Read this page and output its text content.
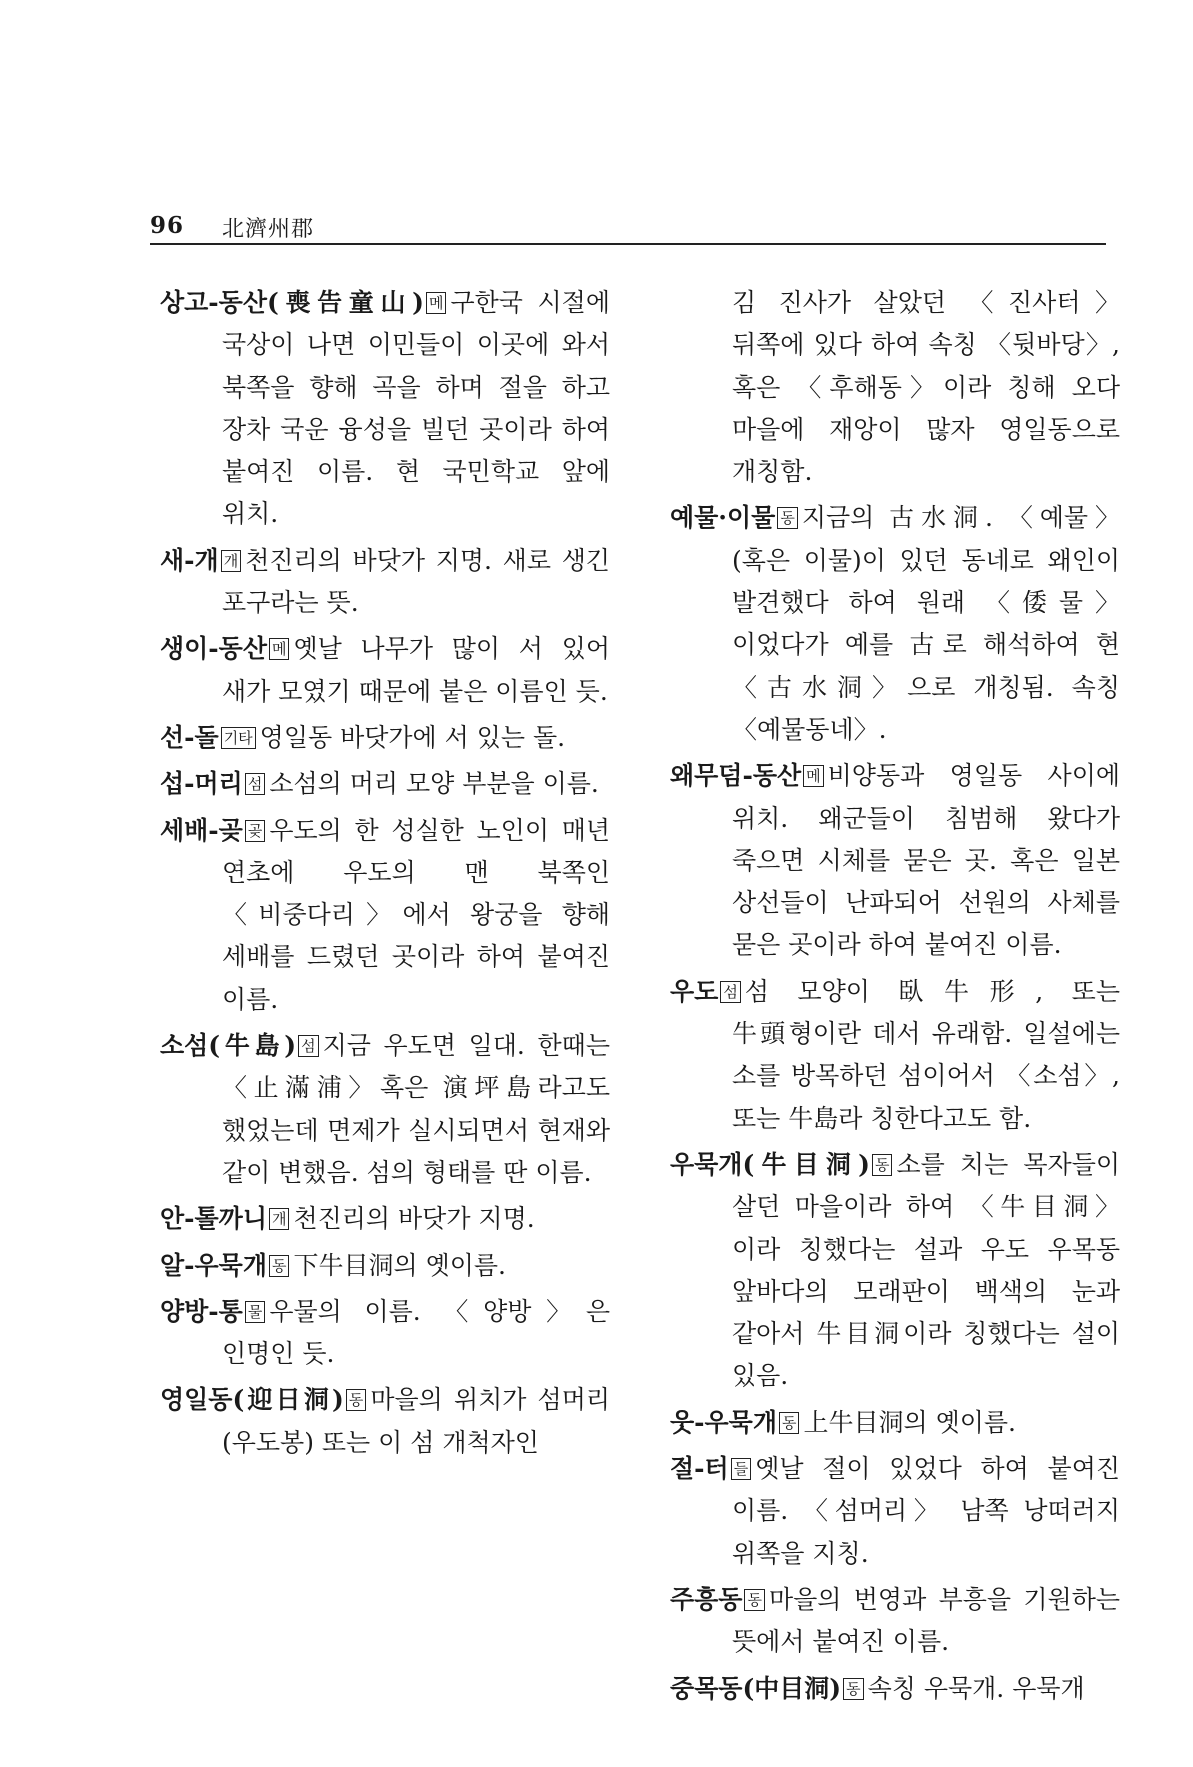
96 北濟州郡

상고-동산(喪告童山) 메 구한국 시절에 국상이 나면 이민들이 이곳에 와서 북쪽을 향해 곡을 하며 절을 하고 장차 국운 융성을 빌던 곳이라 하여 붙여진 이름. 현 국민학교 앞에 위치.

새-개 개 천진리의 바닷가 지명. 새로 생긴 포구라는 뜻.

생이-동산 메 옛날 나무가 많이 서 있어 새가 모였기 때문에 붙은 이름인 듯.

선-돌 기타 영일동 바닷가에 서 있는 돌.

섭-머리 섬 소섬의 머리 모양 부분을 이름.

세배-곶 곶 우도의 한 성실한 노인이 매년 연초에 우도의 맨 북쪽인 〈비중다리〉에서 왕궁을 향해 세배를 드렸던 곳이라 하여 붙여진 이름.

소섬(牛島) 섬 지금 우도면 일대. 한때는 〈止滿浦〉혹은 演坪島라고도 했었는데 면제가 실시되면서 현재와 같이 변했음. 섬의 형태를 딴 이름.

안-톨까니 개 천진리의 바닷가 지명.

알-우묵개 동 下牛目洞의 옛이름.

양방-통 물 우물의 이름. 〈양방〉은 인명인 듯.

영일동(迎日洞) 동 마을의 위치가 섬머리(우도봉) 또는 이 섬 개척자인

김 진사가 살았던 〈진사터〉 뒤쪽에 있다 하여 속칭 〈뒷바당〉, 혹은 〈후해동〉이라 칭해 오다 마을에 재앙이 많자 영일동으로 개칭함.

예물·이물 동 지금의 古水洞. 〈예물〉(혹은 이물)이 있던 동네로 왜인이 발견했다 하여 원래 〈倭물〉이었다가 예를 古로 해석하여 현 〈古水洞〉으로 개칭됨. 속칭 〈예물동네〉.

왜무덤-동산 메 비양동과 영일동 사이에 위치. 왜군들이 침범해 왔다가 죽으면 시체를 묻은 곳. 혹은 일본 상선들이 난파되어 선원의 사체를 묻은 곳이라 하여 붙여진 이름.

우도 섬 섬 모양이 臥牛形, 또는 牛頭형이란 데서 유래함. 일설에는 소를 방목하던 섬이어서 〈소섬〉, 또는 牛島라 칭한다고도 함.

우묵개(牛目洞) 동 소를 치는 목자들이 살던 마을이라 하여 〈牛目洞〉이라 칭했다는 설과 우도 우목동 앞바다의 모래판이 백색의 눈과 같아서 牛目洞이라 칭했다는 설이 있음.

웃-우묵개 동 上牛目洞의 옛이름.

절-터 들 옛날 절이 있었다 하여 붙여진 이름. 〈섬머리〉 남쪽 낭떠러지 위쪽을 지칭.

주흥동 동 마을의 번영과 부흥을 기원하는 뜻에서 붙여진 이름.

중목동(中目洞) 동 속칭 우묵개. 우묵개
